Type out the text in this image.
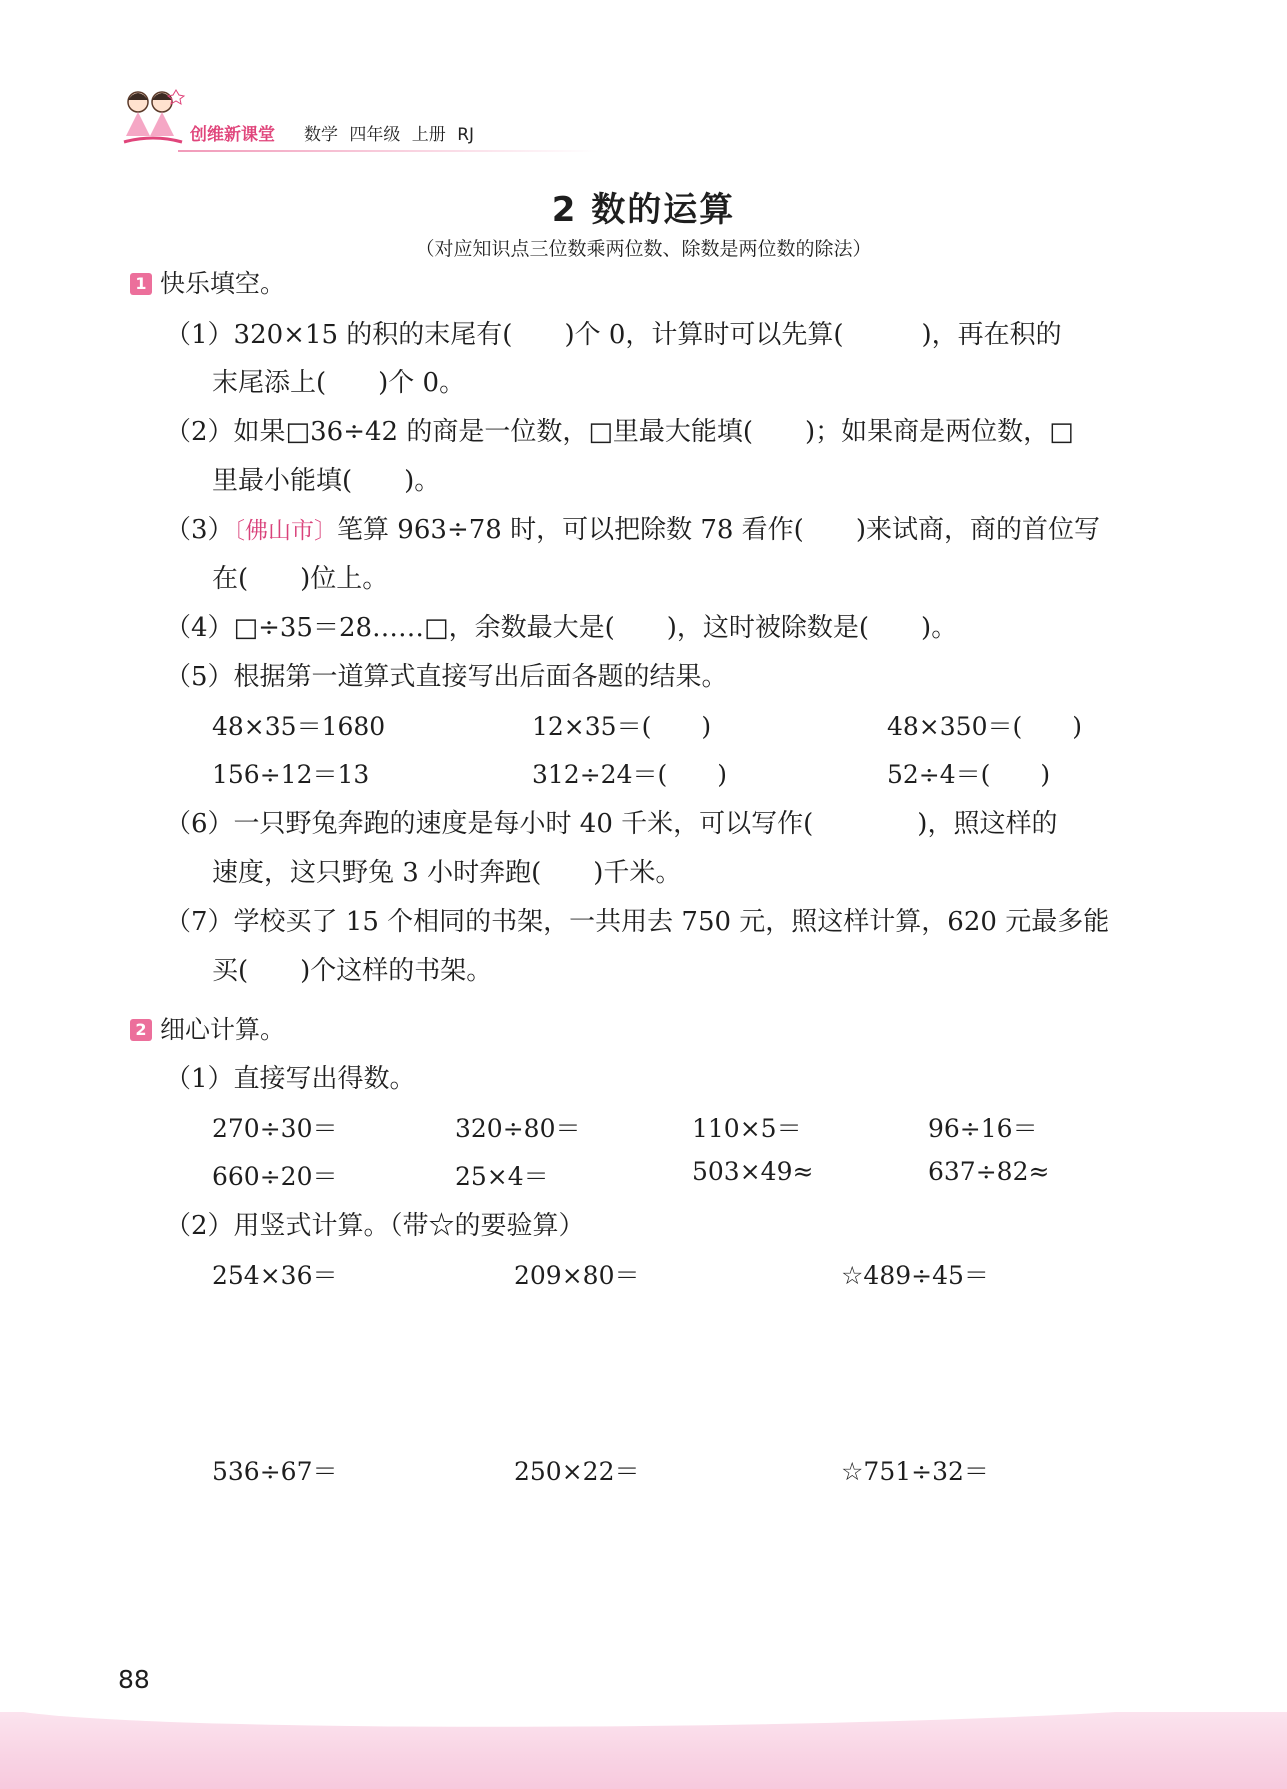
创维新课堂 数学 四年级 上册 RJ
2 数的运算
（对应知识点三位数乘两位数、除数是两位数的除法）
1 快乐填空。
（1）320×15 的积的末尾有(　　)个 0，计算时可以先算(　　　)，再在积的
末尾添上(　　)个 0。
（2）如果□36÷42 的商是一位数，□里最大能填(　　)；如果商是两位数，□
里最小能填(　　)。
（3）〔佛山市〕笔算 963÷78 时，可以把除数 78 看作(　　)来试商，商的首位写
在(　　)位上。
（4）□÷35＝28……□，余数最大是(　　)，这时被除数是(　　)。
（5）根据第一道算式直接写出后面各题的结果。
48×35＝1680	12×35＝(　　)	48×350＝(　　)
156÷12＝13	312÷24＝(　　)	52÷4＝(　　)
（6）一只野兔奔跑的速度是每小时 40 千米，可以写作(　　　　)，照这样的
速度，这只野兔 3 小时奔跑(　　)千米。
（7）学校买了 15 个相同的书架，一共用去 750 元，照这样计算，620 元最多能
买(　　)个这样的书架。
2 细心计算。
（1）直接写出得数。
270÷30＝	320÷80＝	110×5＝	96÷16＝
660÷20＝	25×4＝	503×49≈	637÷82≈
（2）用竖式计算。（带☆的要验算）
254×36＝	209×80＝	☆489÷45＝
536÷67＝	250×22＝	☆751÷32＝
88
